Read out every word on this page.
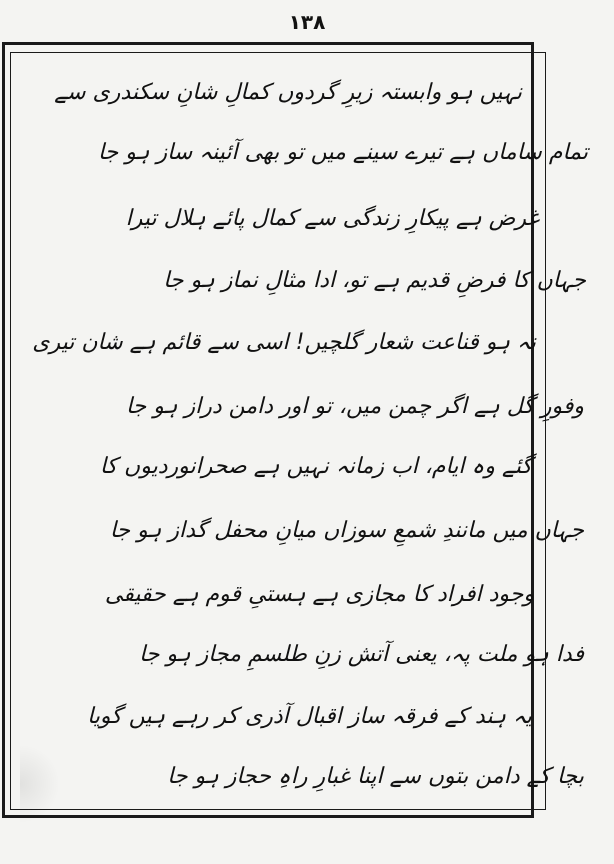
۱۳۸
نہیں ہو وابستہ زیرِ گردوں کمالِ شانِ سکندری سے
تمام ساماں ہے تیرے سینے میں تو بھی آئینہ ساز ہو جا
غرض ہے پیکارِ زندگی سے کمال پائے ہلال تیرا
جہاں کا فرضِ قدیم ہے تو، ادا مثالِ نماز ہو جا
نہ ہو قناعت شعار گلچیں! اسی سے قائم ہے شان تیری
وفورِ گل ہے اگر چمن میں، تو اور دامن دراز ہو جا
گئے وہ ایام، اب زمانہ نہیں ہے صحرانوردیوں کا
جہاں میں مانندِ شمعِ سوزاں میانِ محفل گداز ہو جا
وجود افراد کا مجازی ہے ہستیِ قوم ہے حقیقی
فدا ہو ملت پہ، یعنی آتش زنِ طلسمِ مجاز ہو جا
یہ ہند کے فرقہ ساز اقبال آذری کر رہے ہیں گویا
بچا کے دامن بتوں سے اپنا غبارِ راہِ حجاز ہو جا
